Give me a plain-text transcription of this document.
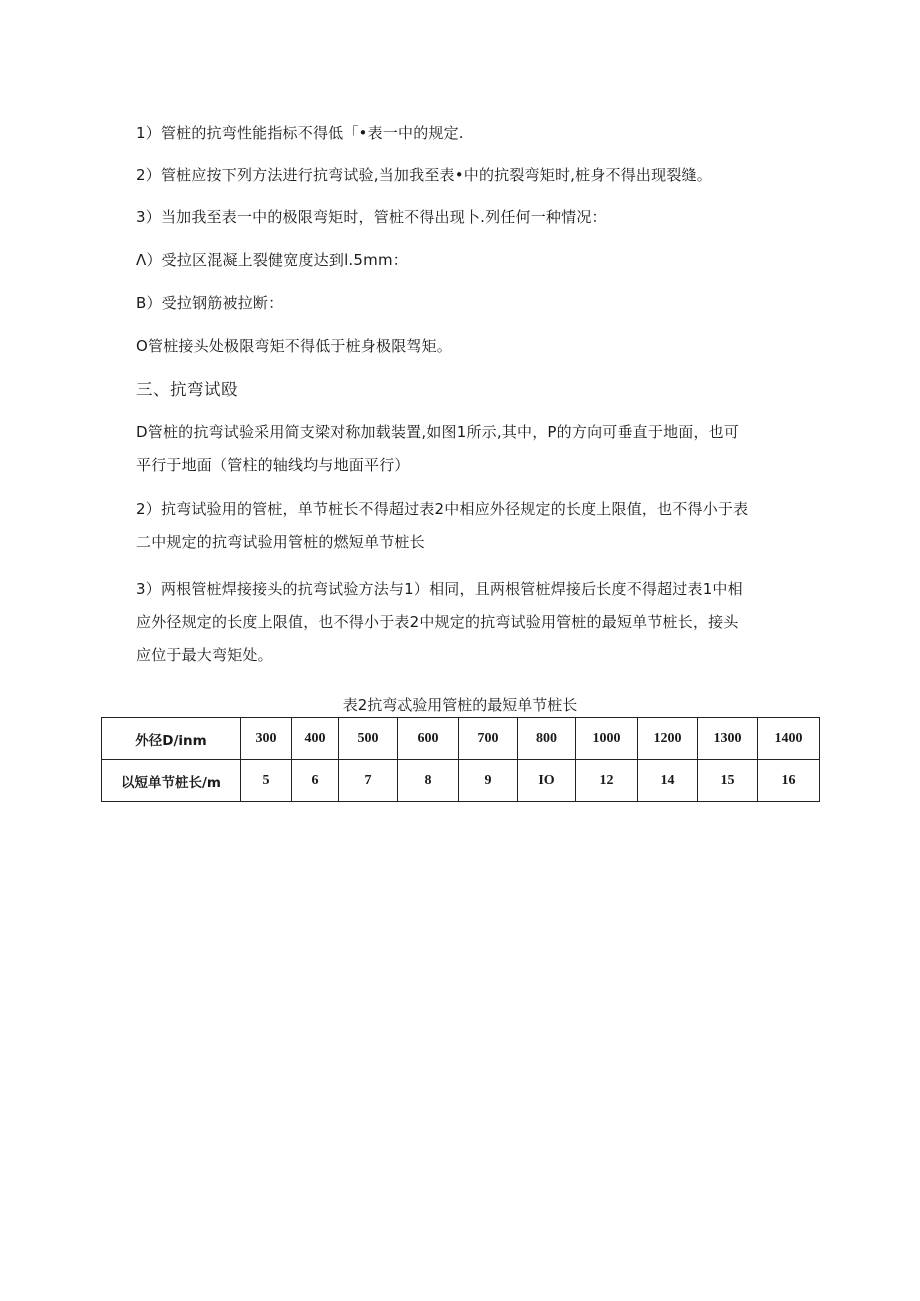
1）管桩的抗弯性能指标不得低「•表一中的规定.
2）管桩应按下列方法进行抗弯试验,当加我至表•中的抗裂弯矩时,桩身不得出现裂缝。
3）当加我至表一中的极限弯矩时，管桩不得出现卜.列任何一种情况：
Λ）受拉区混凝上裂健宽度达到l.5mm：
B）受拉钢筋被拉断：
O管桩接头处极限弯矩不得低于桩身极限驾矩。
三、抗弯试殴
D管桩的抗弯试验采用简支梁对称加载装置,如图1所示,其中，P的方向可垂直于地面，也可
平行于地面（管柱的轴线均与地面平行）
2）抗弯试验用的管桩，单节桩长不得超过表2中相应外径规定的长度上限值，也不得小于表
二中规定的抗弯试验用管桩的燃短单节桩长
3）两根管桩焊接接头的抗弯试验方法与1）相同，且两根管桩焊接后长度不得超过表1中相
应外径规定的长度上限值，也不得小于表2中规定的抗弯试验用管桩的最短单节桩长，接头
应位于最大弯矩处。
表2抗弯忒验用管桩的最短单节桩长
外径D∕inm	300	400	500	600	700	800	1000	1200	1300	1400
以短单节桩长/m	5	6	7	8	9	IO	12	14	15	16
